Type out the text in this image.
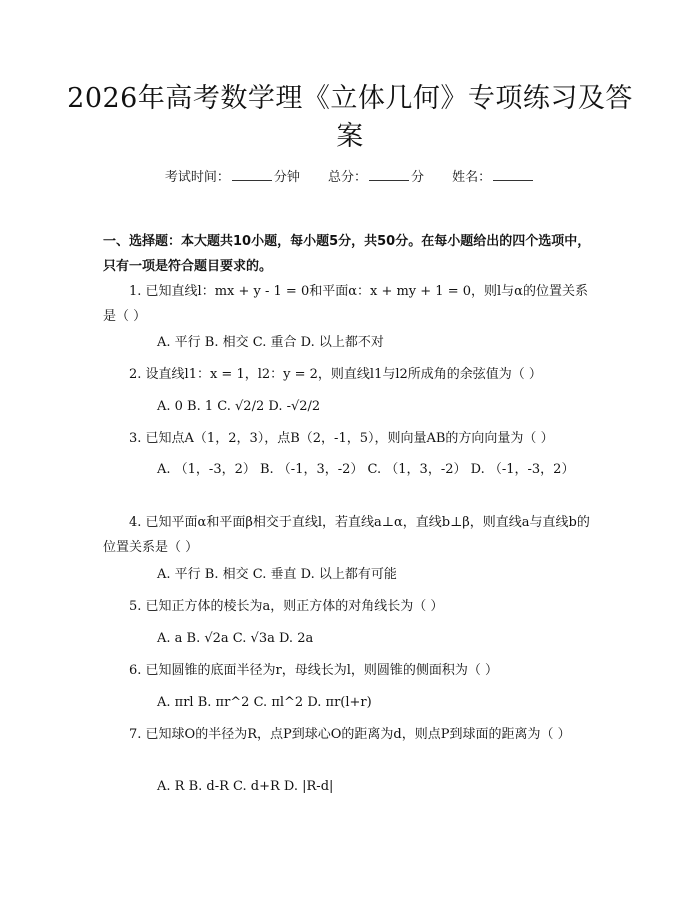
2026年高考数学理《立体几何》专项练习及答案
考试时间：	分钟 总分：	分 姓名：
一、选择题：本大题共10小题，每小题5分，共50分。在每小题给出的四个选项中，只有一项是符合题目要求的。
1. 已知直线l：mx + y - 1 = 0和平面α：x + my + 1 = 0，则l与α的位置关系是（ ）
A. 平行 B. 相交 C. 重合 D. 以上都不对
2. 设直线l1：x = 1，l2：y = 2，则直线l1与l2所成角的余弦值为（ ）
A. 0 B. 1 C. √2/2 D. -√2/2
3. 已知点A（1，2，3），点B（2，-1，5），则向量AB的方向向量为（ ）
A. （1，-3，2） B. （-1，3，-2） C. （1，3，-2） D. （-1，-3，2）
4. 已知平面α和平面β相交于直线l，若直线a⊥α，直线b⊥β，则直线a与直线b的位置关系是（ ）
A. 平行 B. 相交 C. 垂直 D. 以上都有可能
5. 已知正方体的棱长为a，则正方体的对角线长为（ ）
A. a B. √2a C. √3a D. 2a
6. 已知圆锥的底面半径为r，母线长为l，则圆锥的侧面积为（ ）
A. πrl B. πr^2 C. πl^2 D. πr(l+r)
7. 已知球O的半径为R，点P到球心O的距离为d，则点P到球面的距离为（ ）
A. R B. d-R C. d+R D. |R-d|
